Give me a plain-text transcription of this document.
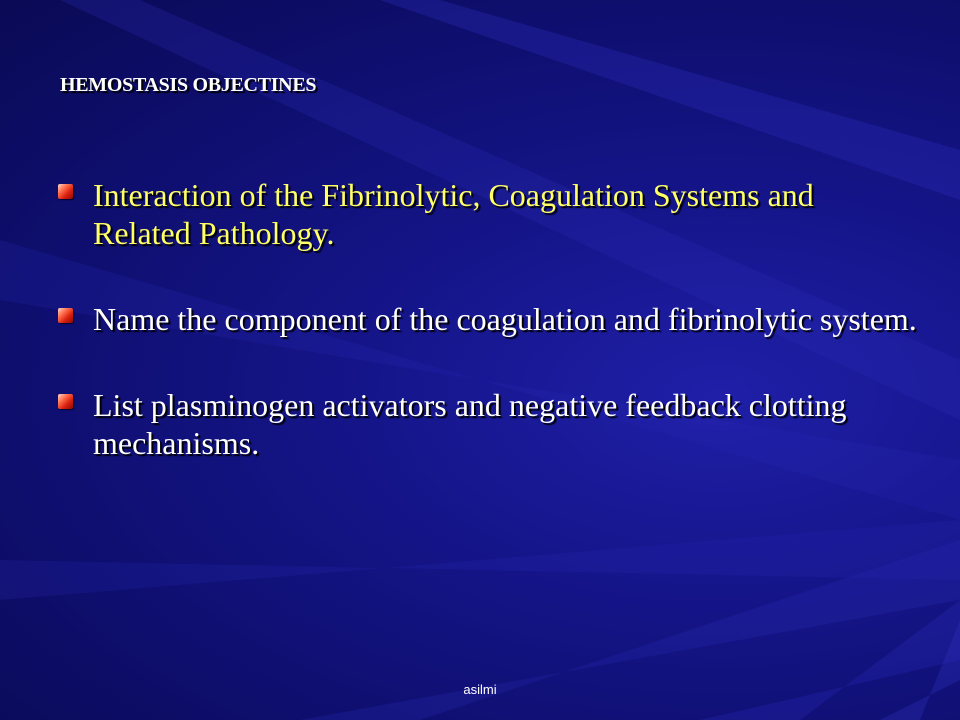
HEMOSTASIS OBJECTINES
Interaction of the Fibrinolytic, Coagulation Systems and Related Pathology.
Name the component of the coagulation and fibrinolytic system.
List plasminogen activators and negative feedback clotting mechanisms.
asilmi
